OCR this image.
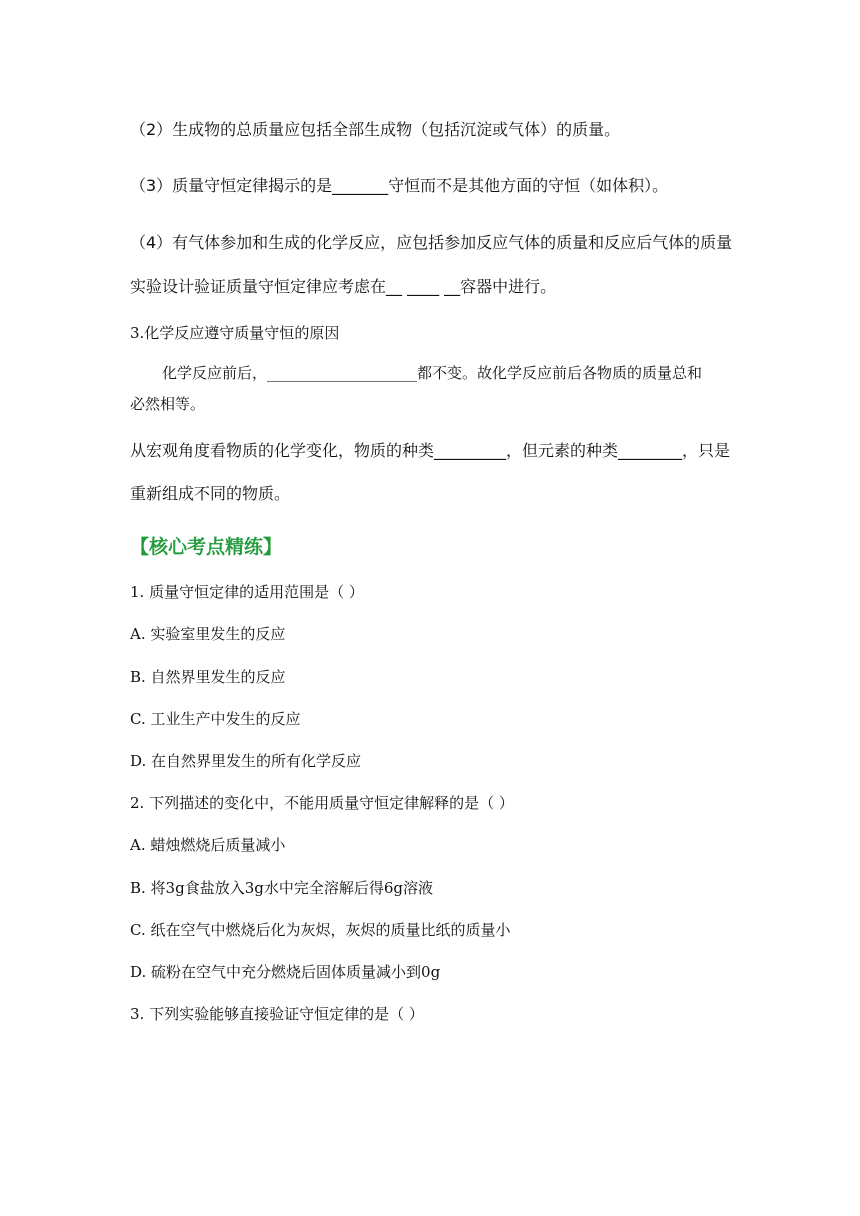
（2）生成物的总质量应包括全部生成物（包括沉淀或气体）的质量。
（3）质量守恒定律揭示的是_______守恒而不是其他方面的守恒（如体积）。
（4）有气体参加和生成的化学反应，应包括参加反应气体的质量和反应后气体的质量
实验设计验证质量守恒定律应考虑在__ ____ __容器中进行。
3.化学反应遵守质量守恒的原因
化学反应前后，____________________都不变。故化学反应前后各物质的质量总和
必然相等。
从宏观角度看物质的化学变化，物质的种类_________，但元素的种类________，只是
重新组成不同的物质。
【核心考点精练】
1. 质量守恒定律的适用范围是（ ）
A. 实验室里发生的反应
B. 自然界里发生的反应
C. 工业生产中发生的反应
D. 在自然界里发生的所有化学反应
2. 下列描述的变化中，不能用质量守恒定律解释的是（ ）
A. 蜡烛燃烧后质量减小
B. 将3g食盐放入3g水中完全溶解后得6g溶液
C. 纸在空气中燃烧后化为灰烬，灰烬的质量比纸的质量小
D. 硫粉在空气中充分燃烧后固体质量减小到0g
3. 下列实验能够直接验证守恒定律的是（ ）
